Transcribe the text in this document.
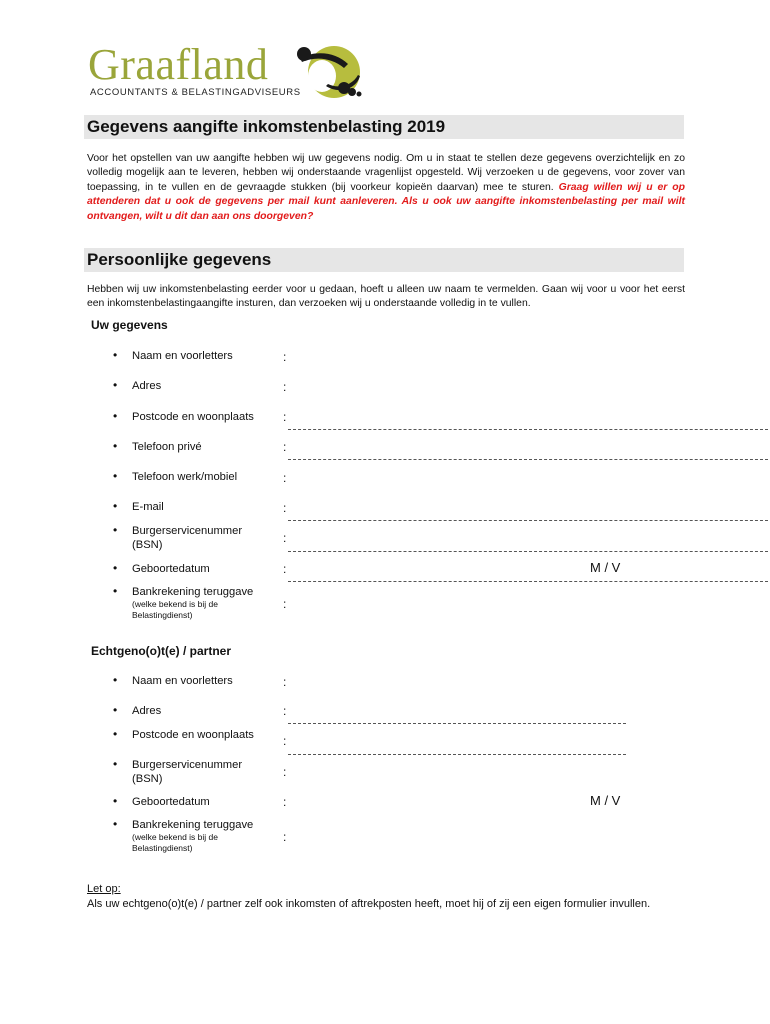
Graafland
ACCOUNTANTS & BELASTINGADVISEURS
Gegevens aangifte inkomstenbelasting 2019
Voor het opstellen van uw aangifte hebben wij uw gegevens nodig. Om u in staat te stellen deze gegevens overzichtelijk en zo volledig mogelijk aan te leveren, hebben wij onderstaande vragenlijst opgesteld. Wij verzoeken u de gegevens, voor zover van toepassing, in te vullen en de gevraagde stukken (bij voorkeur kopieën daarvan) mee te sturen. Graag willen wij u er op attenderen dat u ook de gegevens per mail kunt aanleveren. Als u ook uw aangifte inkomstenbelasting per mail wilt ontvangen, wilt u dit dan aan ons doorgeven?
Persoonlijke gegevens
Hebben wij uw inkomstenbelasting eerder voor u gedaan, hoeft u alleen uw naam te vermelden. Gaan wij voor u voor het eerst een inkomstenbelastingaangifte insturen, dan verzoeken wij u onderstaande volledig in te vullen.
Uw gegevens
• Naam en voorletters	:
• Adres	:
• Postcode en woonplaats :
• Telefoon privé	:
• Telefoon werk/mobiel	:
• E-mail	:
• Burgerservicenummer
(BSN)	:
• Geboortedatum	:	M / V
• Bankrekening teruggave
(welke bekend is bij de
Belastingdienst)
:
Echtgeno(o)t(e) / partner
• Naam en voorletters	:
• Adres	:
• Postcode en woonplaats :
• Burgerservicenummer
(BSN)	:
• Geboortedatum	:	M / V
• Bankrekening teruggave
(welke bekend is bij de
Belastingdienst)
:
Let op:
Als uw echtgeno(o)t(e) / partner zelf ook inkomsten of aftrekposten heeft, moet hij of zij een eigen formulier invullen.
